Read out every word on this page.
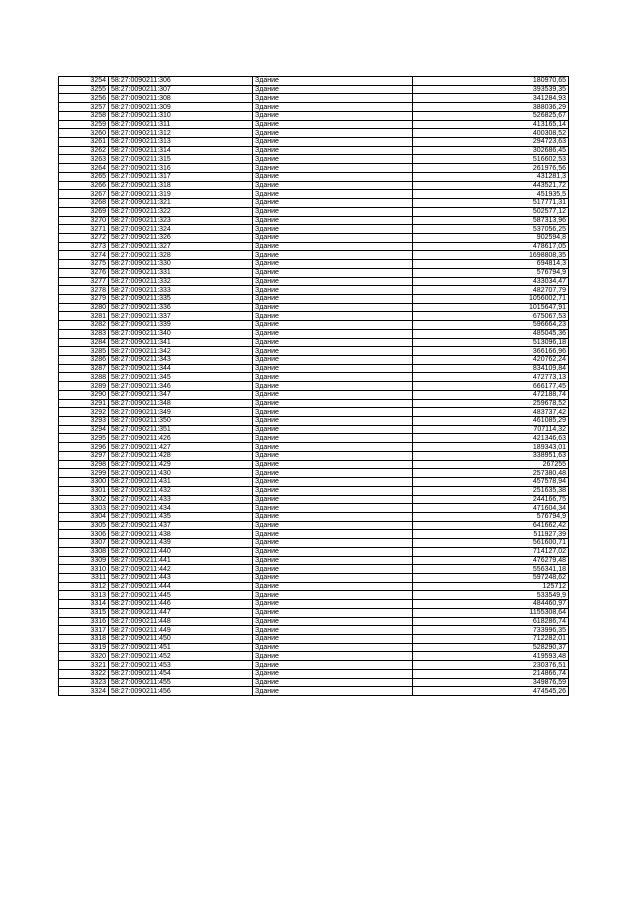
3254	58:27:0090211:306	Здание	180970,65
3255	58:27:0090211:307	Здание	393539,35
3256	58:27:0090211:308	Здание	341284,93
3257	58:27:0090211:309	Здание	388036,29
3258	58:27:0090211:310	Здание	526825,67
3259	58:27:0090211:311	Здание	413165,14
3260	58:27:0090211:312	Здание	400308,52
3261	58:27:0090211:313	Здание	294723,63
3262	58:27:0090211:314	Здание	302686,45
3263	58:27:0090211:315	Здание	516602,53
3264	58:27:0090211:316	Здание	261976,56
3265	58:27:0090211:317	Здание	431281,3
3266	58:27:0090211:318	Здание	443521,72
3267	58:27:0090211:319	Здание	451935,5
3268	58:27:0090211:321	Здание	517771,31
3269	58:27:0090211:322	Здание	502577,12
3270	58:27:0090211:323	Здание	587313,96
3271	58:27:0090211:324	Здание	537056,25
3272	58:27:0090211:326	Здание	902594,8
3273	58:27:0090211:327	Здание	478617,05
3274	58:27:0090211:328	Здание	1698808,35
3275	58:27:0090211:330	Здание	694814,3
3276	58:27:0090211:331	Здание	576794,9
3277	58:27:0090211:332	Здание	433034,47
3278	58:27:0090211:333	Здание	482707,79
3279	58:27:0090211:335	Здание	1056002,71
3280	58:27:0090211:336	Здание	1015647,91
3281	58:27:0090211:337	Здание	675067,53
3282	58:27:0090211:339	Здание	596664,23
3283	58:27:0090211:340	Здание	485045,36
3284	58:27:0090211:341	Здание	513096,18
3285	58:27:0090211:342	Здание	366166,96
3286	58:27:0090211:343	Здание	420762,24
3287	58:27:0090211:344	Здание	834109,84
3288	58:27:0090211:345	Здание	472773,13
3289	58:27:0090211:346	Здание	666177,45
3290	58:27:0090211:347	Здание	472188,74
3291	58:27:0090211:348	Здание	259678,52
3292	58:27:0090211:349	Здание	483737,42
3293	58:27:0090211:350	Здание	461085,29
3294	58:27:0090211:351	Здание	707114,32
3295	58:27:0090211:426	Здание	421346,63
3296	58:27:0090211:427	Здание	189343,01
3297	58:27:0090211:428	Здание	338951,63
3298	58:27:0090211:429	Здание	267255
3299	58:27:0090211:430	Здание	257380,48
3300	58:27:0090211:431	Здание	457578,94
3301	58:27:0090211:432	Здание	251635,38
3302	58:27:0090211:433	Здание	244166,75
3303	58:27:0090211:434	Здание	471604,34
3304	58:27:0090211:435	Здание	576794,9
3305	58:27:0090211:437	Здание	641662,42
3306	58:27:0090211:438	Здание	511927,39
3307	58:27:0090211:439	Здание	561600,71
3308	58:27:0090211:440	Здание	714127,02
3309	58:27:0090211:441	Здание	476279,48
3310	58:27:0090211:442	Здание	556341,18
3311	58:27:0090211:443	Здание	597248,62
3312	58:27:0090211:444	Здание	125712
3313	58:27:0090211:445	Здание	533549,9
3314	58:27:0090211:446	Здание	484460,97
3315	58:27:0090211:447	Здание	1155308,64
3316	58:27:0090211:448	Здание	618286,74
3317	58:27:0090211:449	Здание	733996,35
3318	58:27:0090211:450	Здание	712282,01
3319	58:27:0090211:451	Здание	528290,37
3320	58:27:0090211:452	Здание	419593,48
3321	58:27:0090211:453	Здание	230376,51
3322	58:27:0090211:454	Здание	214866,74
3323	58:27:0090211:455	Здание	349876,59
3324	58:27:0090211:456	Здание	474545,26
